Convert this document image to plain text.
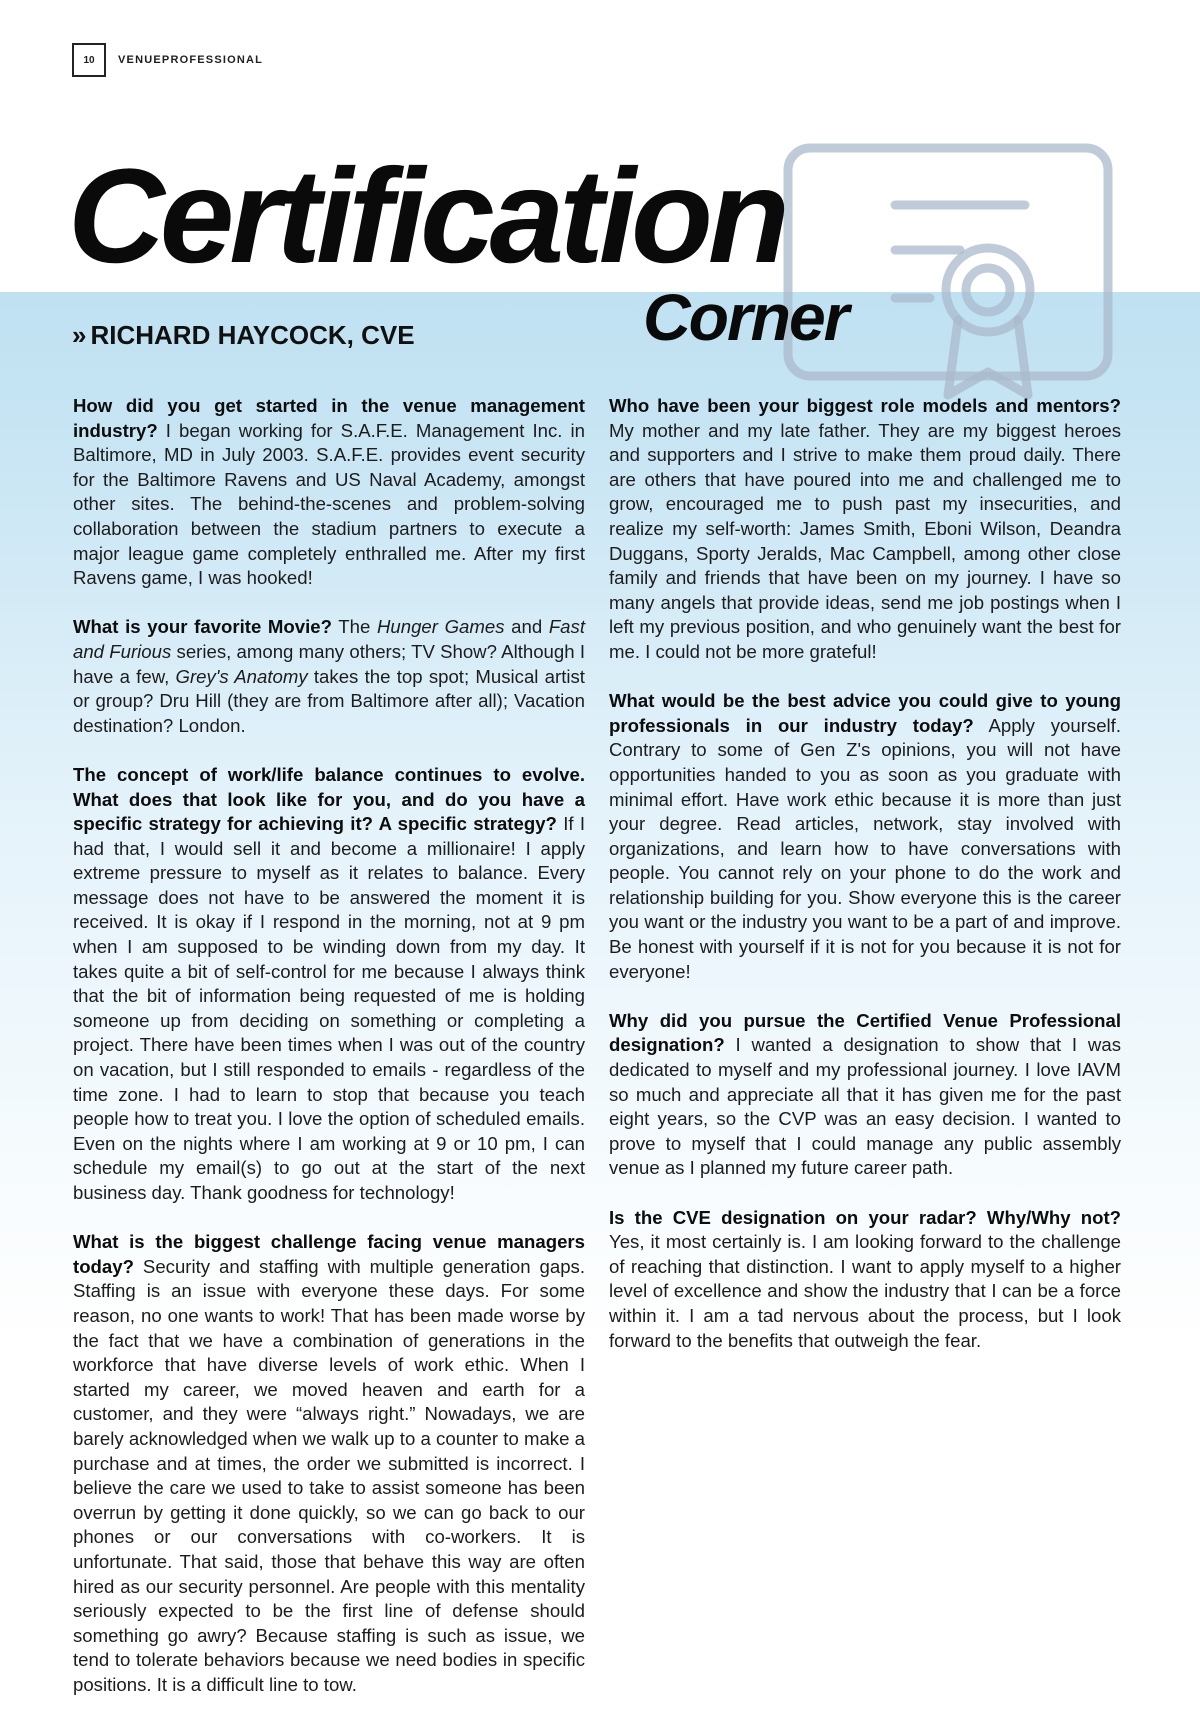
10	VENUEPROFESSIONAL
Certification
Corner
» RICHARD HAYCOCK, CVE

How did you get started in the venue management industry? I began working for S.A.F.E. Management Inc. in Baltimore, MD in July 2003. S.A.F.E. provides event security for the Baltimore Ravens and US Naval Academy, amongst other sites. The behind-the-scenes and problem-solving collaboration between the stadium partners to execute a major league game completely enthralled me. After my first Ravens game, I was hooked!

What is your favorite Movie? The Hunger Games and Fast and Furious series, among many others; TV Show? Although I have a few, Grey's Anatomy takes the top spot; Musical artist or group? Dru Hill (they are from Baltimore after all); Vacation destination? London.

The concept of work/life balance continues to evolve. What does that look like for you, and do you have a specific strategy for achieving it? A specific strategy? If I had that, I would sell it and become a millionaire! I apply extreme pressure to myself as it relates to balance. Every message does not have to be answered the moment it is received. It is okay if I respond in the morning, not at 9 pm when I am supposed to be winding down from my day. It takes quite a bit of self-control for me because I always think that the bit of information being requested of me is holding someone up from deciding on something or completing a project. There have been times when I was out of the country on vacation, but I still responded to emails - regardless of the time zone. I had to learn to stop that because you teach people how to treat you. I love the option of scheduled emails. Even on the nights where I am working at 9 or 10 pm, I can schedule my email(s) to go out at the start of the next business day. Thank goodness for technology!

What is the biggest challenge facing venue managers today? Security and staffing with multiple generation gaps. Staffing is an issue with everyone these days. For some reason, no one wants to work! That has been made worse by the fact that we have a combination of generations in the workforce that have diverse levels of work ethic. When I started my career, we moved heaven and earth for a customer, and they were “always right.” Nowadays, we are barely acknowledged when we walk up to a counter to make a purchase and at times, the order we submitted is incorrect. I believe the care we used to take to assist someone has been overrun by getting it done quickly, so we can go back to our phones or our conversations with co-workers. It is unfortunate. That said, those that behave this way are often hired as our security personnel. Are people with this mentality seriously expected to be the first line of defense should something go awry? Because staffing is such as issue, we tend to tolerate behaviors because we need bodies in specific positions. It is a difficult line to tow.

Who have been your biggest role models and mentors? My mother and my late father. They are my biggest heroes and supporters and I strive to make them proud daily. There are others that have poured into me and challenged me to grow, encouraged me to push past my insecurities, and realize my self-worth: James Smith, Eboni Wilson, Deandra Duggans, Sporty Jeralds, Mac Campbell, among other close family and friends that have been on my journey. I have so many angels that provide ideas, send me job postings when I left my previous position, and who genuinely want the best for me. I could not be more grateful!

What would be the best advice you could give to young professionals in our industry today? Apply yourself. Contrary to some of Gen Z's opinions, you will not have opportunities handed to you as soon as you graduate with minimal effort. Have work ethic because it is more than just your degree. Read articles, network, stay involved with organizations, and learn how to have conversations with people. You cannot rely on your phone to do the work and relationship building for you. Show everyone this is the career you want or the industry you want to be a part of and improve. Be honest with yourself if it is not for you because it is not for everyone!

Why did you pursue the Certified Venue Professional designation? I wanted a designation to show that I was dedicated to myself and my professional journey. I love IAVM so much and appreciate all that it has given me for the past eight years, so the CVP was an easy decision. I wanted to prove to myself that I could manage any public assembly venue as I planned my future career path.

Is the CVE designation on your radar? Why/Why not? Yes, it most certainly is. I am looking forward to the challenge of reaching that distinction. I want to apply myself to a higher level of excellence and show the industry that I can be a force within it. I am a tad nervous about the process, but I look forward to the benefits that outweigh the fear.
